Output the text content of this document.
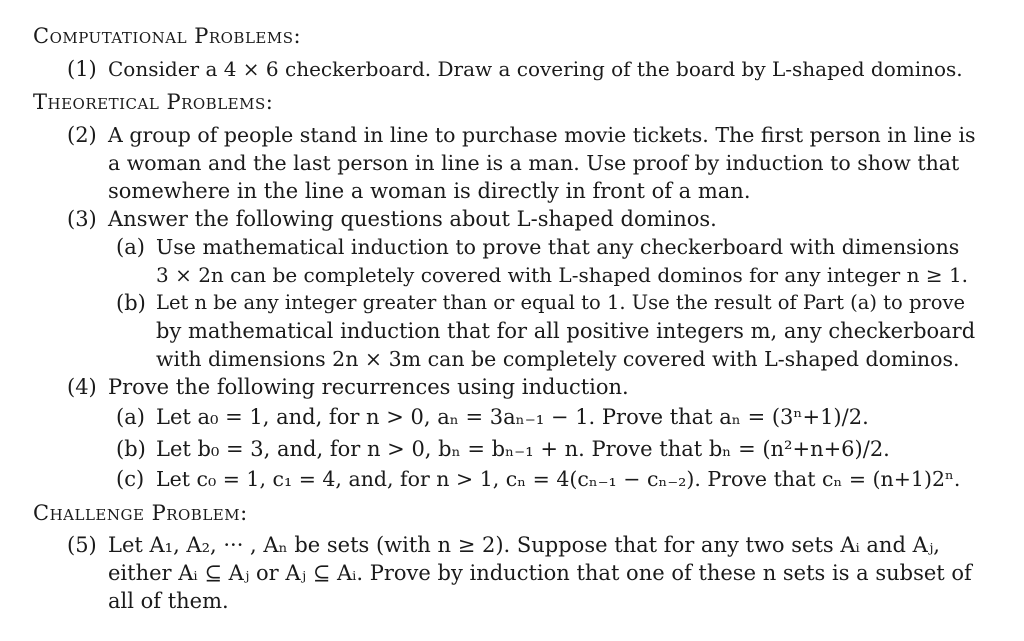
Computational Problems:
(1) Consider a 4 × 6 checkerboard. Draw a covering of the board by L-shaped dominos.
Theoretical Problems:
(2) A group of people stand in line to purchase movie tickets. The first person in line is
a woman and the last person in line is a man. Use proof by induction to show that
somewhere in the line a woman is directly in front of a man.
(3) Answer the following questions about L-shaped dominos.
(a) Use mathematical induction to prove that any checkerboard with dimensions
3 × 2n can be completely covered with L-shaped dominos for any integer n ≥ 1.
(b) Let n be any integer greater than or equal to 1. Use the result of Part (a) to prove
by mathematical induction that for all positive integers m, any checkerboard
with dimensions 2n × 3m can be completely covered with L-shaped dominos.
(4) Prove the following recurrences using induction.
(a) Let a₀ = 1, and, for n > 0, aₙ = 3aₙ₋₁ − 1. Prove that aₙ = (3ⁿ+1)/2.
(b) Let b₀ = 3, and, for n > 0, bₙ = bₙ₋₁ + n. Prove that bₙ = (n²+n+6)/2.
(c) Let c₀ = 1, c₁ = 4, and, for n > 1, cₙ = 4(cₙ₋₁ − cₙ₋₂). Prove that cₙ = (n+1)2ⁿ.
Challenge Problem:
(5) Let A₁, A₂, ··· , Aₙ be sets (with n ≥ 2). Suppose that for any two sets Aᵢ and Aⱼ,
either Aᵢ ⊆ Aⱼ or Aⱼ ⊆ Aᵢ. Prove by induction that one of these n sets is a subset of
all of them.
